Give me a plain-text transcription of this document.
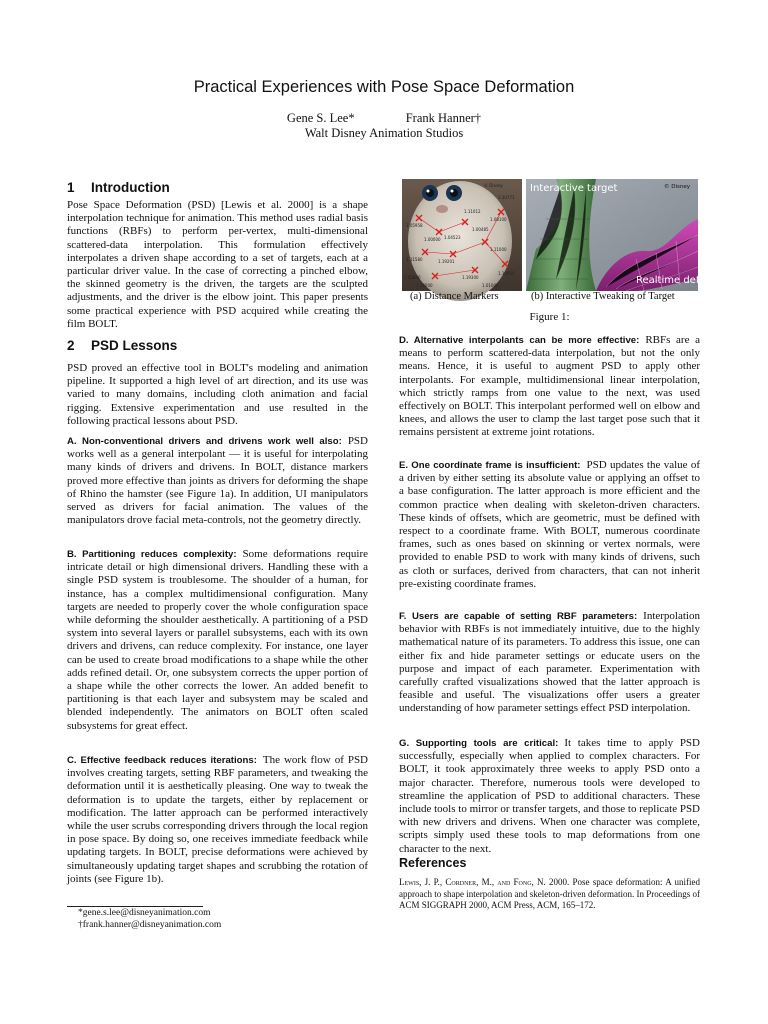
Practical Experiences with Pose Space Deformation
Gene S. Lee*	Frank Hanner†
Walt Disney Animation Studios
1 Introduction
Pose Space Deformation (PSD) [Lewis et al. 2000] is a shape interpolation technique for animation. This method uses radial basis functions (RBFs) to perform per-vertex, multi-dimensional scattered-data interpolation. This formulation effectively interpolates a driven shape according to a set of targets, each at a particular driver value. In the case of correcting a pinched elbow, the skinned geometry is the driven, the targets are the sculpted adjustments, and the driver is the elbow joint. This paper presents some practical experience with PSD acquired while creating the film BOLT.
2 PSD Lessons
PSD proved an effective tool in BOLT's modeling and animation pipeline. It supported a high level of art direction, and its use was varied to many domains, including cloth animation and facial rigging. Extensive experimentation and use resulted in the following practical lessons about PSD.
A. Non-conventional drivers and drivens work well also: PSD works well as a general interpolant — it is useful for interpolating many kinds of drivers and drivens. In BOLT, distance markers proved more effective than joints as drivers for deforming the shape of Rhino the hamster (see Figure 1a). In addition, UI manipulators served as drivers for facial animation. The values of the manipulators drove facial meta-controls, not the geometry directly.
B. Partitioning reduces complexity: Some deformations require intricate detail or high dimensional drivers. Handling these with a single PSD system is troublesome. The shoulder of a human, for instance, has a complex multidimensional configuration. Many targets are needed to properly cover the whole configuration space while deforming the shoulder aesthetically. A partitioning of a PSD system into several layers or parallel subsystems, each with its own drivers and drivens, can reduce complexity. For instance, one layer can be used to create broad modifications to a shape while the other adds refined detail. Or, one subsystem corrects the upper portion of a shape while the other corrects the lower. An added benefit to partitioning is that each layer and subsystem may be scaled and blended independently. The animators on BOLT often scaled subsystems for great effect.
C. Effective feedback reduces iterations: The work flow of PSD involves creating targets, setting RBF parameters, and tweaking the deformation until it is aesthetically pleasing. One way to tweak the deformation is to update the targets, either by replacement or modification. The latter approach can be performed interactively while the user scrubs corresponding drivers through the local region in pose space. By doing so, one receives immediate feedback while updating targets. In BOLT, precise deformations were achieved by simultaneously updating target shapes and scrubbing the rotation of joints (see Figure 1b).
*gene.s.lee@disneyanimation.com
†frank.hanner@disneyanimation.com
© Disney
1.20771
1.11012
1.05958
1.04523
1.00485
1.11000
1.11580	1.19201
1.19300
1.02800
1.10050
1.14000	1.01000
1.08100
1.00000
Interactive target	© Disney
Realtime deformation
(a) Distance Markers	(b) Interactive Tweaking of Target
Figure 1:
D. Alternative interpolants can be more effective: RBFs are a means to perform scattered-data interpolation, but not the only means. Hence, it is useful to augment PSD to apply other interpolants. For example, multidimensional linear interpolation, which strictly ramps from one value to the next, was used effectively on BOLT. This interpolant performed well on elbow and knees, and allows the user to clamp the last target pose such that it remains persistent at extreme joint rotations.
E. One coordinate frame is insufficient: PSD updates the value of a driven by either setting its absolute value or applying an offset to a base configuration. The latter approach is more efficient and the common practice when dealing with skeleton-driven characters. These kinds of offsets, which are geometric, must be defined with respect to a coordinate frame. With BOLT, numerous coordinate frames, such as ones based on skinning or vertex normals, were provided to enable PSD to work with many kinds of drivens, such as cloth or surfaces, derived from characters, that can not inherit pre-existing coordinate frames.
F. Users are capable of setting RBF parameters: Interpolation behavior with RBFs is not immediately intuitive, due to the highly mathematical nature of its parameters. To address this issue, one can either fix and hide parameter settings or educate users on the purpose and impact of each parameter. Experimentation with carefully crafted visualizations showed that the latter approach is feasible and useful. The visualizations offer users a greater understanding of how parameter settings effect PSD interpolation.
G. Supporting tools are critical: It takes time to apply PSD successfully, especially when applied to complex characters. For BOLT, it took approximately three weeks to apply PSD onto a major character. Therefore, numerous tools were developed to streamline the application of PSD to additional characters. These include tools to mirror or transfer targets, and those to replicate PSD with new drivers and drivens. When one character was complete, scripts simply used these tools to map deformations from one character to the next.
References
Lewis, J. P., Cordner, M., and Fong, N. 2000. Pose space deformation: A unified approach to shape interpolation and skeleton-driven deformation. In Proceedings of ACM SIGGRAPH 2000, ACM Press, ACM, 165–172.
